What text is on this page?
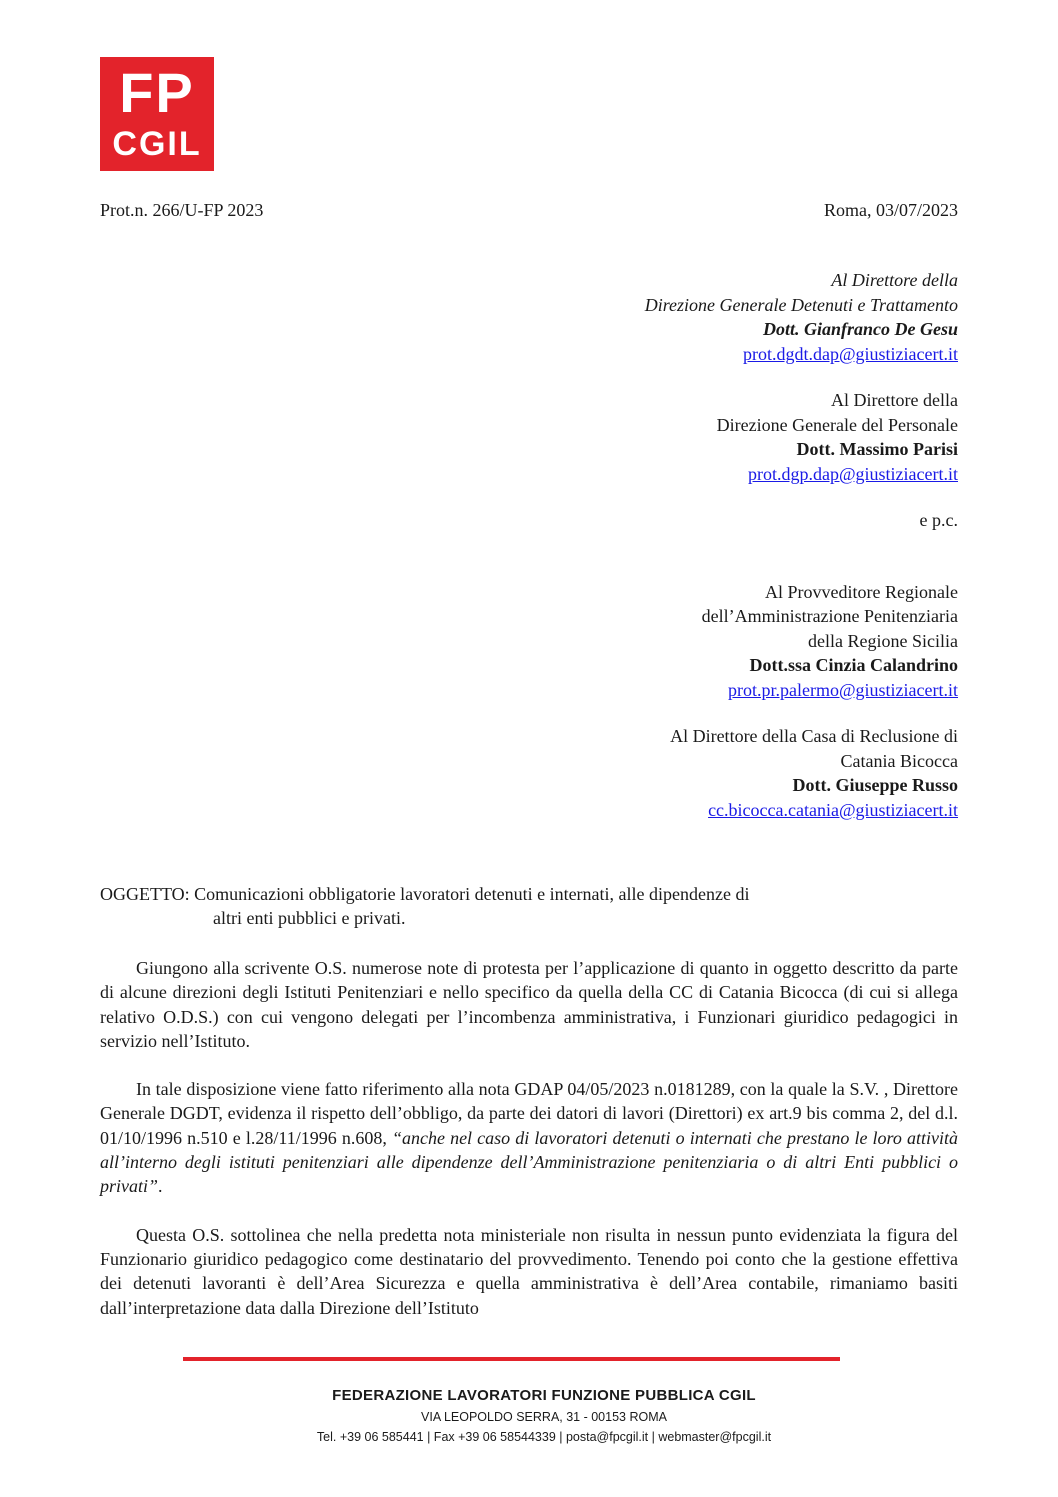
FP
CGIL
Prot.n. 266/U-FP 2023	Roma, 03/07/2023
Al Direttore della
Direzione Generale Detenuti e Trattamento
Dott. Gianfranco De Gesu
prot.dgdt.dap@giustiziacert.it
Al Direttore della
Direzione Generale del Personale
Dott. Massimo Parisi
prot.dgp.dap@giustiziacert.it
e p.c.
Al Provveditore Regionale
dell’Amministrazione Penitenziaria
della Regione Sicilia
Dott.ssa Cinzia Calandrino
prot.pr.palermo@giustiziacert.it
Al Direttore della Casa di Reclusione di
Catania Bicocca
Dott. Giuseppe Russo
cc.bicocca.catania@giustiziacert.it
OGGETTO: Comunicazioni obbligatorie lavoratori detenuti e internati, alle dipendenze di
altri enti pubblici e privati.

Giungono alla scrivente O.S. numerose note di protesta per l’applicazione di quanto in oggetto descritto da parte di alcune direzioni degli Istituti Penitenziari e nello specifico da quella della CC di Catania Bicocca (di cui si allega relativo O.D.S.) con cui vengono delegati per l’incombenza amministrativa, i Funzionari giuridico pedagogici in servizio nell’Istituto.

In tale disposizione viene fatto riferimento alla nota GDAP 04/05/2023 n.0181289, con la quale la S.V. , Direttore Generale DGDT, evidenza il rispetto dell’obbligo, da parte dei datori di lavori (Direttori) ex art.9 bis comma 2, del d.l. 01/10/1996 n.510 e l.28/11/1996 n.608, “anche nel caso di lavoratori detenuti o internati che prestano le loro attività all’interno degli istituti penitenziari alle dipendenze dell’Amministrazione penitenziaria o di altri Enti pubblici o privati”.

Questa O.S. sottolinea che nella predetta nota ministeriale non risulta in nessun punto evidenziata la figura del Funzionario giuridico pedagogico come destinatario del provvedimento. Tenendo poi conto che la gestione effettiva dei detenuti lavoranti è dell’Area Sicurezza e quella amministrativa è dell’Area contabile, rimaniamo basiti dall’interpretazione data dalla Direzione dell’Istituto

FEDERAZIONE LAVORATORI FUNZIONE PUBBLICA CGIL
VIA LEOPOLDO SERRA, 31 - 00153 ROMA
Tel. +39 06 585441 | Fax +39 06 58544339 | posta@fpcgil.it | webmaster@fpcgil.it
